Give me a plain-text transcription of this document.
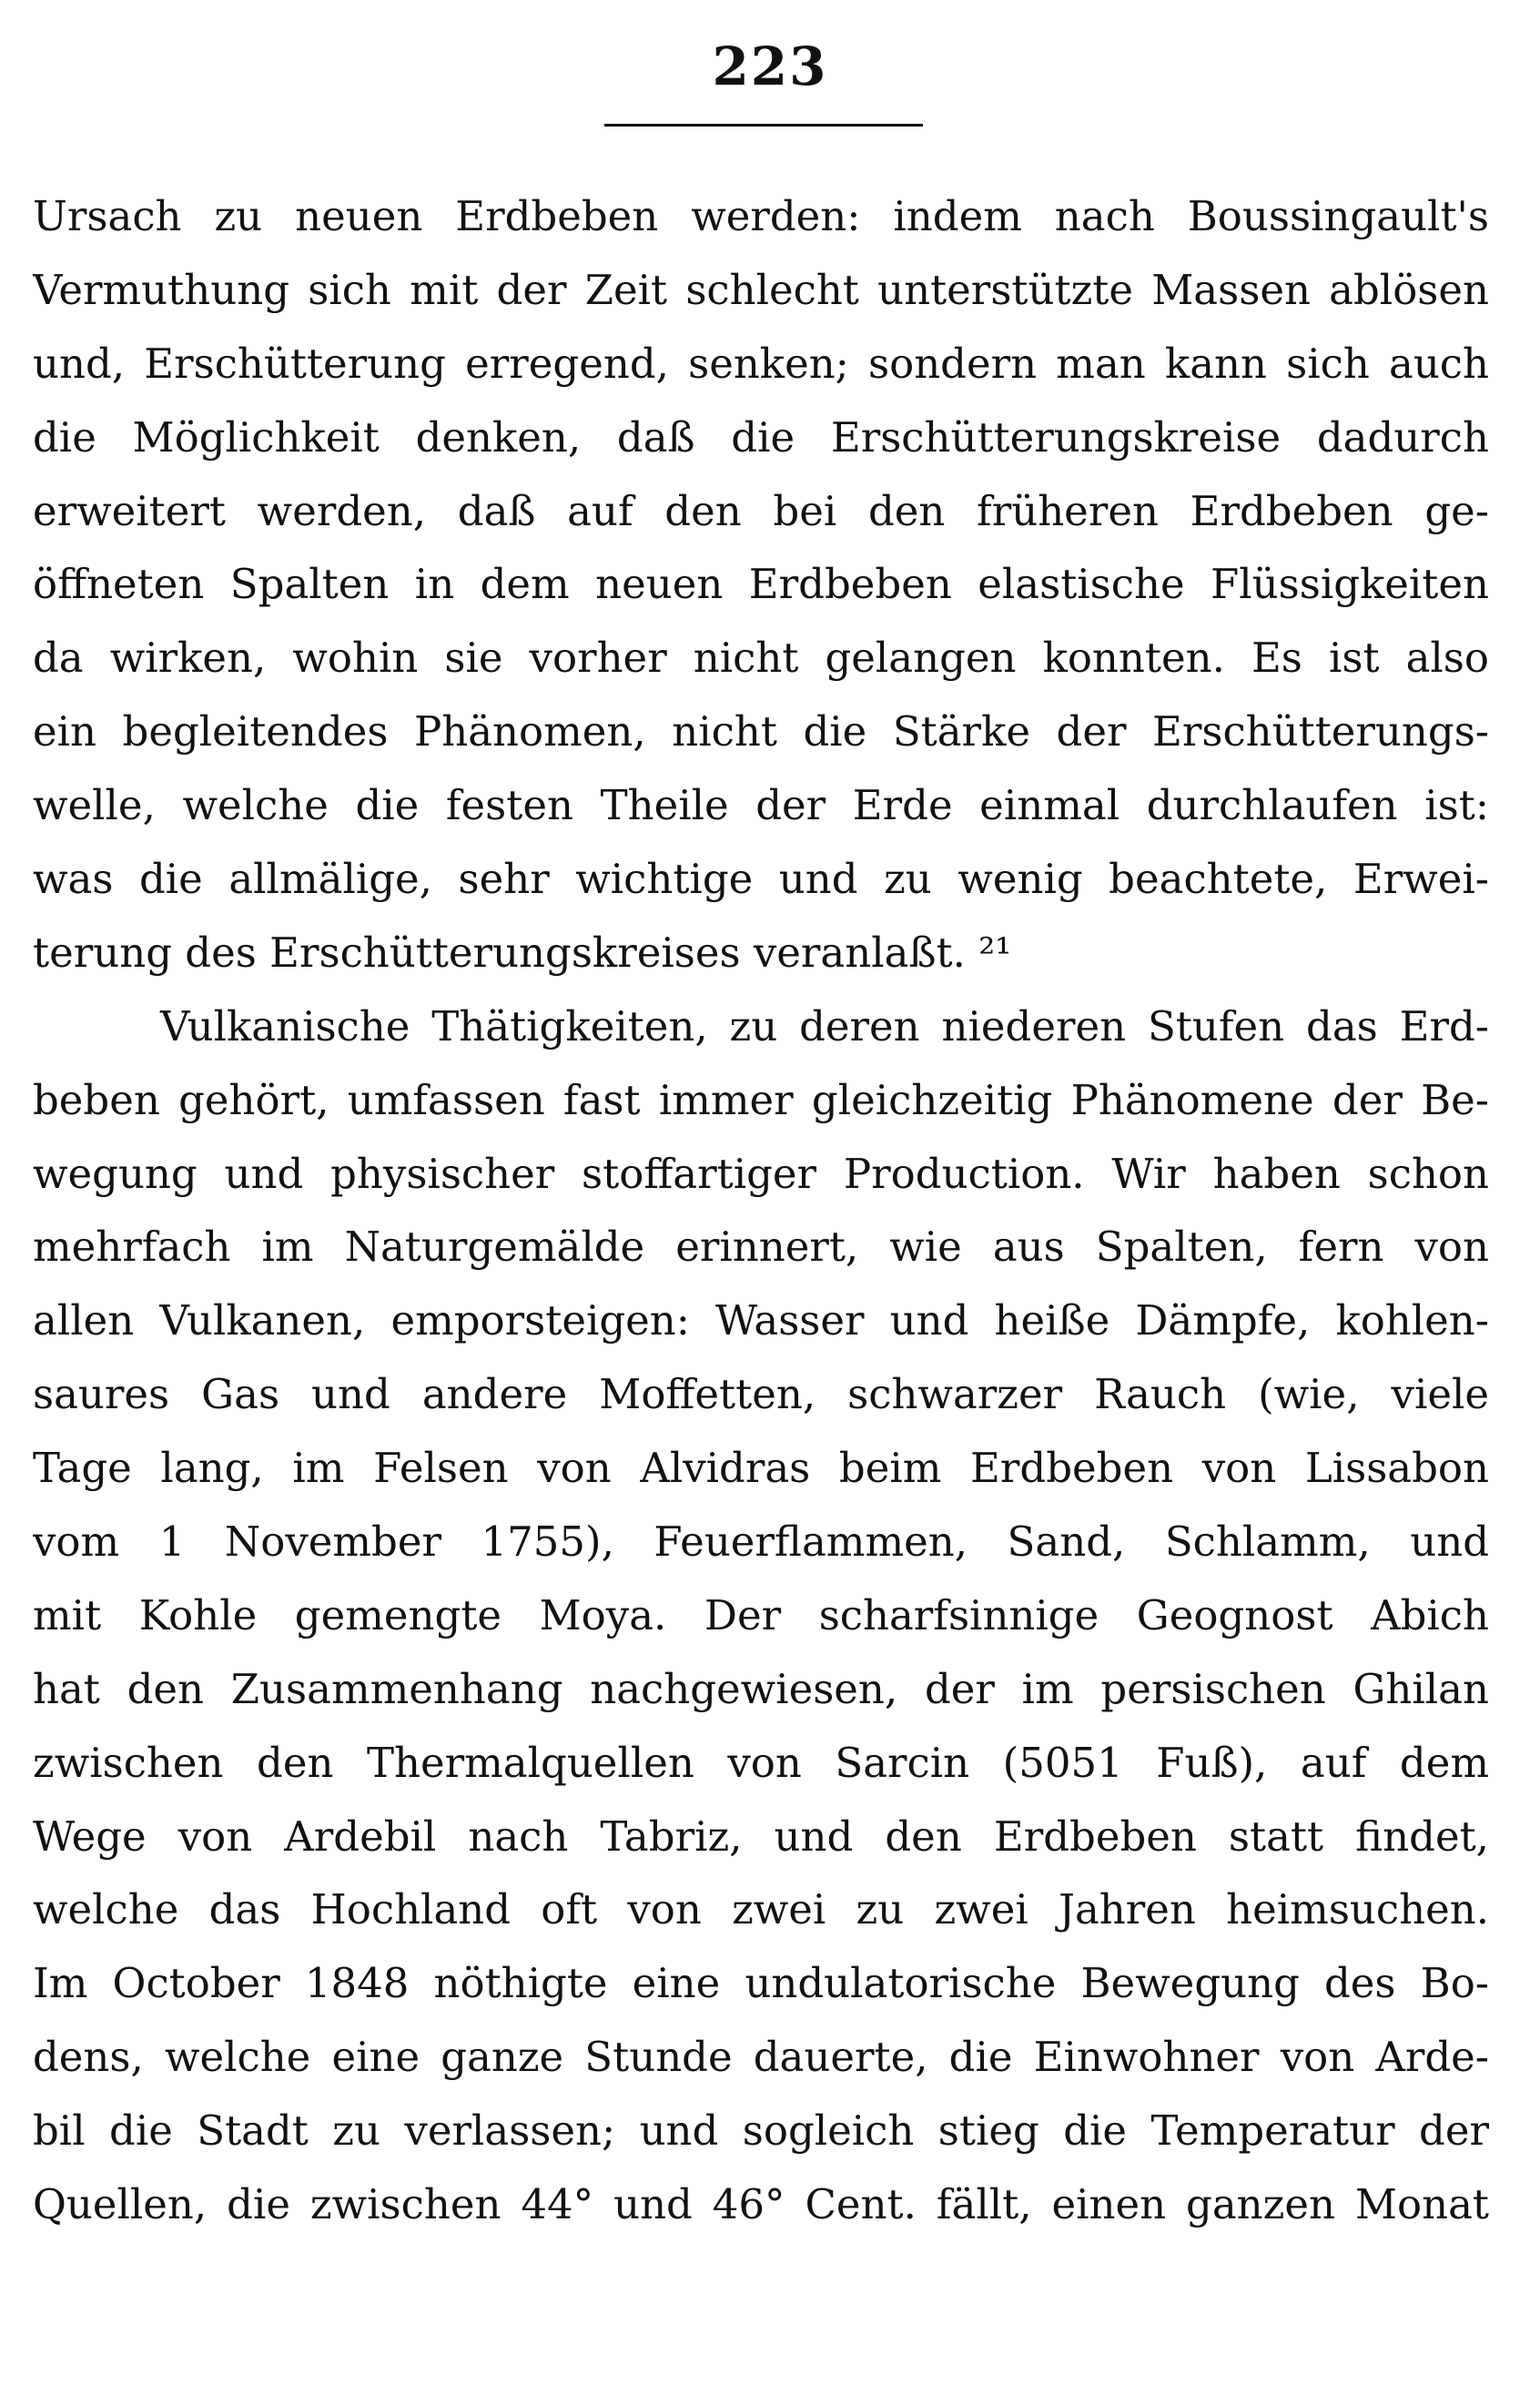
223
Ursach zu neuen Erdbeben werden: indem nach Boussingault's
Vermuthung sich mit der Zeit schlecht unterstützte Massen ablösen
und, Erschütterung erregend, senken; sondern man kann sich auch
die Möglichkeit denken, daß die Erschütterungskreise dadurch
erweitert werden, daß auf den bei den früheren Erdbeben ge-
öffneten Spalten in dem neuen Erdbeben elastische Flüssigkeiten
da wirken, wohin sie vorher nicht gelangen konnten. Es ist also
ein begleitendes Phänomen, nicht die Stärke der Erschütterungs-
welle, welche die festen Theile der Erde einmal durchlaufen ist:
was die allmälige, sehr wichtige und zu wenig beachtete, Erwei-
terung des Erschütterungskreises veranlaßt. ²¹
Vulkanische Thätigkeiten, zu deren niederen Stufen das Erd-
beben gehört, umfassen fast immer gleichzeitig Phänomene der Be-
wegung und physischer stoffartiger Production. Wir haben schon
mehrfach im Naturgemälde erinnert, wie aus Spalten, fern von
allen Vulkanen, emporsteigen: Wasser und heiße Dämpfe, kohlen-
saures Gas und andere Moffetten, schwarzer Rauch (wie, viele
Tage lang, im Felsen von Alvidras beim Erdbeben von Lissabon
vom 1 November 1755), Feuerflammen, Sand, Schlamm, und
mit Kohle gemengte Moya. Der scharfsinnige Geognost Abich
hat den Zusammenhang nachgewiesen, der im persischen Ghilan
zwischen den Thermalquellen von Sarcin (5051 Fuß), auf dem
Wege von Ardebil nach Tabriz, und den Erdbeben statt findet,
welche das Hochland oft von zwei zu zwei Jahren heimsuchen.
Im October 1848 nöthigte eine undulatorische Bewegung des Bo-
dens, welche eine ganze Stunde dauerte, die Einwohner von Arde-
bil die Stadt zu verlassen; und sogleich stieg die Temperatur der
Quellen, die zwischen 44° und 46° Cent. fällt, einen ganzen Monat
